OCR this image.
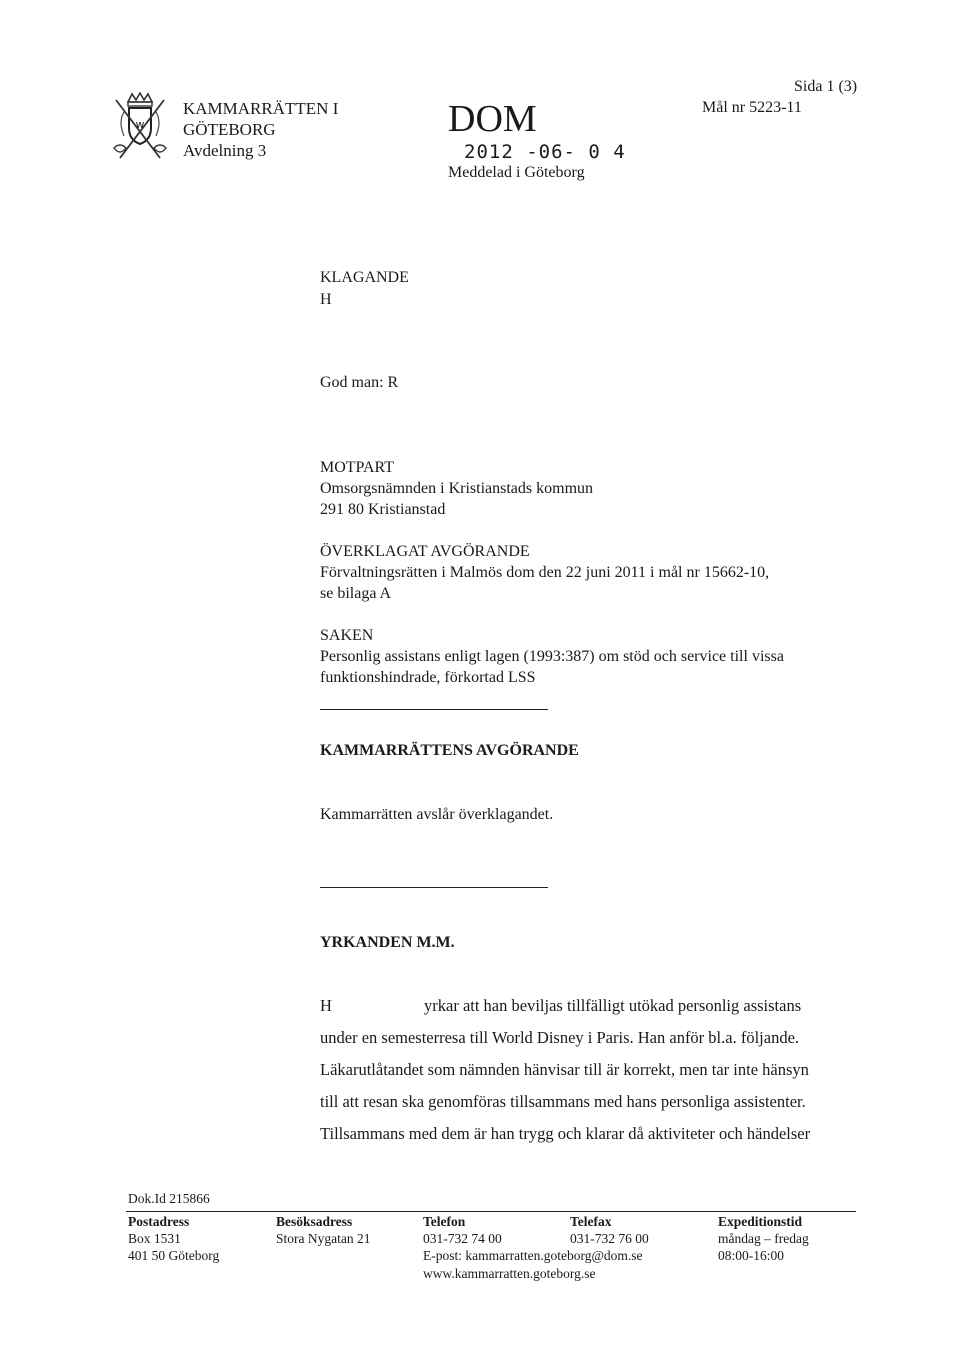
w
KAMMARRÄTTEN I
GÖTEBORG
Avdelning 3
DOM
2012 -06- 0 4
Meddelad i Göteborg
Sida 1 (3)
Mål nr 5223-11
KLAGANDE
H
God man: R
MOTPART
Omsorgsnämnden i Kristianstads kommun
291 80 Kristianstad
ÖVERKLAGAT AVGÖRANDE
Förvaltningsrätten i Malmös dom den 22 juni 2011 i mål nr 15662-10,
se bilaga A
SAKEN
Personlig assistans enligt lagen (1993:387) om stöd och service till vissa
funktionshindrade, förkortad LSS
KAMMARRÄTTENS AVGÖRANDE
Kammarrätten avslår överklagandet.
YRKANDEN M.M.
H	yrkar att han beviljas tillfälligt utökad personlig assistans
under en semesterresa till World Disney i Paris. Han anför bl.a. följande.
Läkarutlåtandet som nämnden hänvisar till är korrekt, men tar inte hänsyn
till att resan ska genomföras tillsammans med hans personliga assistenter.
Tillsammans med dem är han trygg och klarar då aktiviteter och händelser
Dok.Id 215866
Postadress
Box 1531
401 50 Göteborg
Besöksadress
Stora Nygatan 21
Telefon
031-732 74 00
Telefax
031-732 76 00
E-post: kammarratten.goteborg@dom.se
www.kammarratten.goteborg.se
Expeditionstid
måndag – fredag
08:00-16:00
